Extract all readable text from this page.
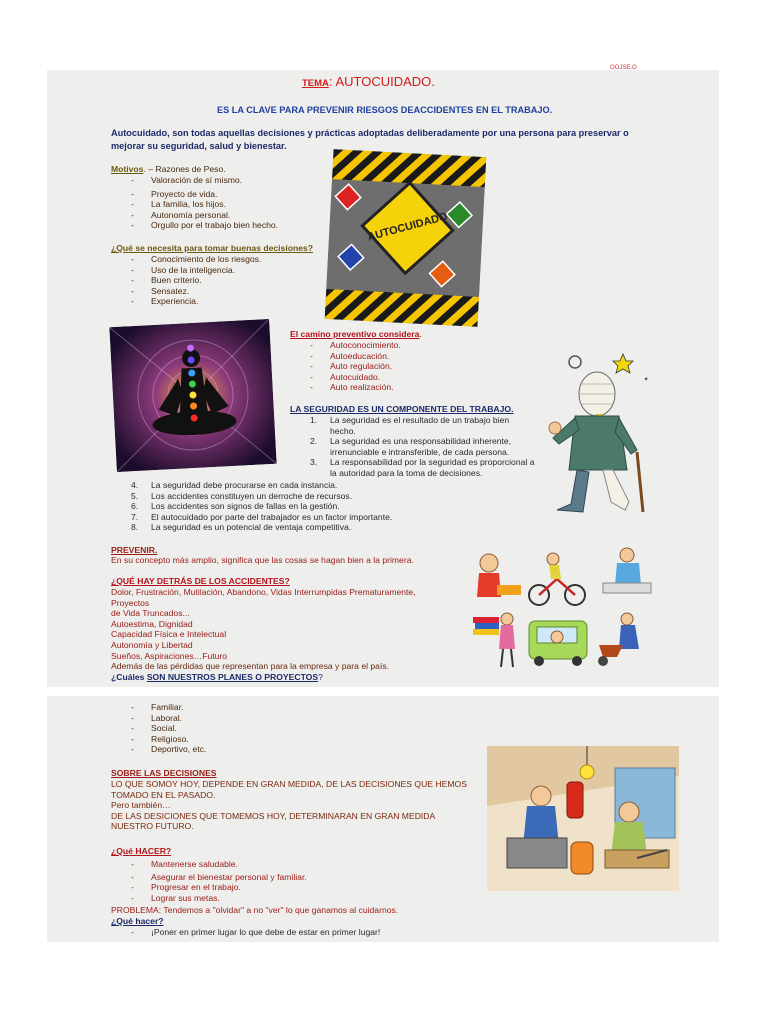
OOJSE.O
TEMA: AUTOCUIDADO.
ES LA CLAVE PARA PREVENIR RIESGOS DEACCIDENTES EN EL TRABAJO.
Autocuidado, son todas aquellas decisiones y prácticas adoptadas deliberadamente por una persona para preservar o mejorar su seguridad, salud y bienestar.
Motivos. – Razones de Peso.
- Valoración de sí mismo.
- Proyecto de vida.
- La familia, los hijos.
- Autonomía personal.
- Orgullo por el trabajo bien hecho.
¿Qué se necesita para tomar buenas decisiones?
- Conocimiento de los riesgos.
- Uso de la inteligencia.
- Buen criterio.
- Sensatez.
- Experiencia.
-
AUTOCUIDADO
El camino preventivo considera.
- Autoconocimiento.
- Autoeducación.
- Auto regulación.
- Autocuidado.
- Auto realización.
LA SEGURIDAD ES UN COMPONENTE DEL TRABAJO.
1. La seguridad es el resultado de un trabajo bien hecho.
2. La seguridad es una responsabilidad inherente, irrenunciable e intransferible, de cada persona.
3. La responsabilidad por la seguridad es proporcional a la autoridad para la toma de decisiones.
4. La seguridad debe procurarse en cada instancia.
5. Los accidentes constituyen un derroche de recursos.
6. Los accidentes son signos de fallas en la gestión.
7. El autocuidado por parte del trabajador es un factor importante.
8. La seguridad es un potencial de ventaja competitiva.
⋆
PREVENIR.
En su concepto más amplio, significa que las cosas se hagan bien a la primera.
¿QUÉ HAY DETRÁS DE LOS ACCIDENTES?
Dolor, Frustración, Mutilación, Abandono, Vidas Interrumpidas Prematuramente, Proyectos
de Vida Truncados...
Autoestima, Dignidad
Capacidad Física e Intelectual
Autonomía y Libertad
Sueños, Aspiraciones…Futuro
Además de las pérdidas que representan para la empresa y para el país.
¿Cuáles SON NUESTROS PLANES O PROYECTOS?
- Familiar.
- Laboral.
- Social.
- Religioso.
- Deportivo, etc.
SOBRE LAS DECISIONES
LO QUE SOMOY HOY, DEPENDE EN GRAN MEDIDA, DE LAS DECISIONES QUE HEMOS
TOMADO EN EL PASADO.
Pero también…
DE LAS DESICIONES QUE TOMEMOS HOY, DETERMINARAN EN GRAN MEDIDA
NUESTRO FUTURO.
¿Qué HACER?
- Mantenerse saludable.
- Asegurar el bienestar personal y familiar.
- Progresar en el trabajo.
- Lograr sus metas.
PROBLEMA: Tendemos a "olvidar" a no "ver" lo que ganamos al cuidarnos.
¿Qué hacer?
- ¡Poner en primer lugar lo que debe de estar en primer lugar!
